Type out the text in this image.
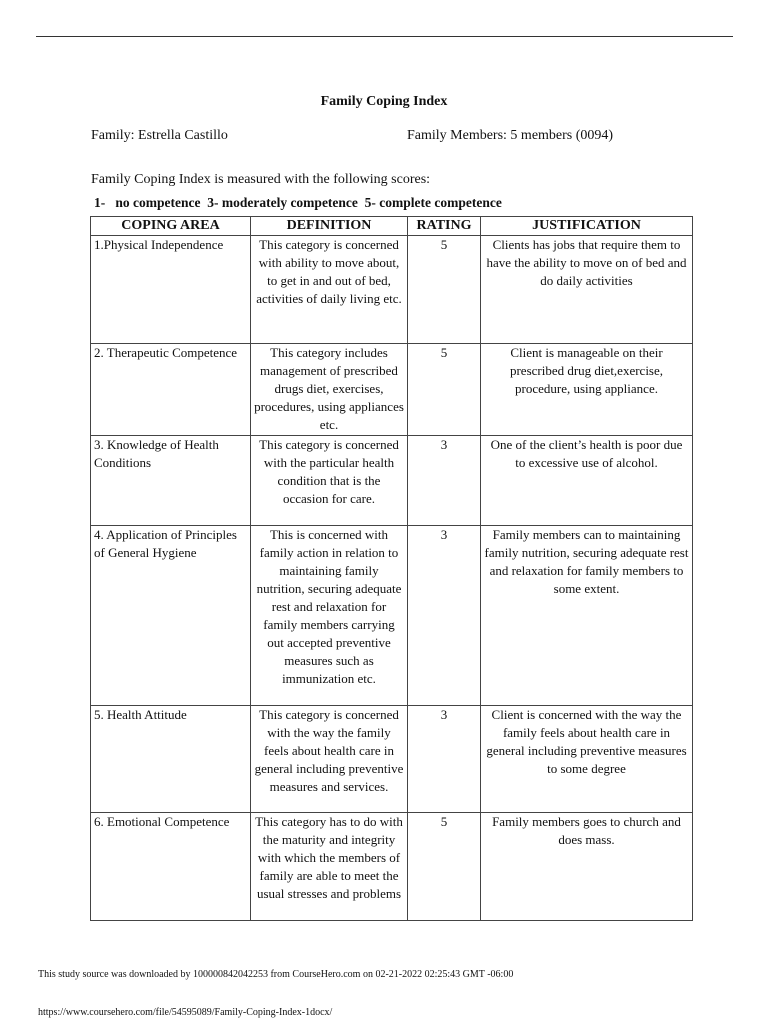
Family Coping Index
Family: Estrella Castillo	Family Members: 5 members (0094)
Family Coping Index is measured with the following scores:
1-   no competence  3- moderately competence  5- complete competence
COPING AREA	DEFINITION	RATING	JUSTIFICATION
1.Physical Independence	This category is concerned with ability to move about, to get in and out of bed, activities of daily living etc.	5	Clients has jobs that require them to have the ability to move on of bed and do daily activities
2. Therapeutic Competence	This category includes management of prescribed drugs diet, exercises, procedures, using appliances etc.	5	Client is manageable on their prescribed drug diet,exercise, procedure, using appliance.
3. Knowledge of Health Conditions	This category is concerned with the particular health condition that is the occasion for care.	3	One of the client’s health is poor due to excessive use of alcohol.
4. Application of Principles of General Hygiene	This is concerned with family action in relation to maintaining family nutrition, securing adequate rest and relaxation for family members carrying out accepted preventive measures such as immunization etc.	3	Family members can to maintaining family nutrition, securing adequate rest and relaxation for family members to some extent.
5. Health Attitude	This category is concerned with the way the family feels about health care in general including preventive measures and services.	3	Client is concerned with the way the family feels about health care in general including preventive measures to some degree
6. Emotional Competence	This category has to do with the maturity and integrity with which the members of family are able to meet the usual stresses and problems	5	Family members goes to church and does mass.
This study source was downloaded by 100000842042253 from CourseHero.com on 02-21-2022 02:25:43 GMT -06:00
https://www.coursehero.com/file/54595089/Family-Coping-Index-1docx/
